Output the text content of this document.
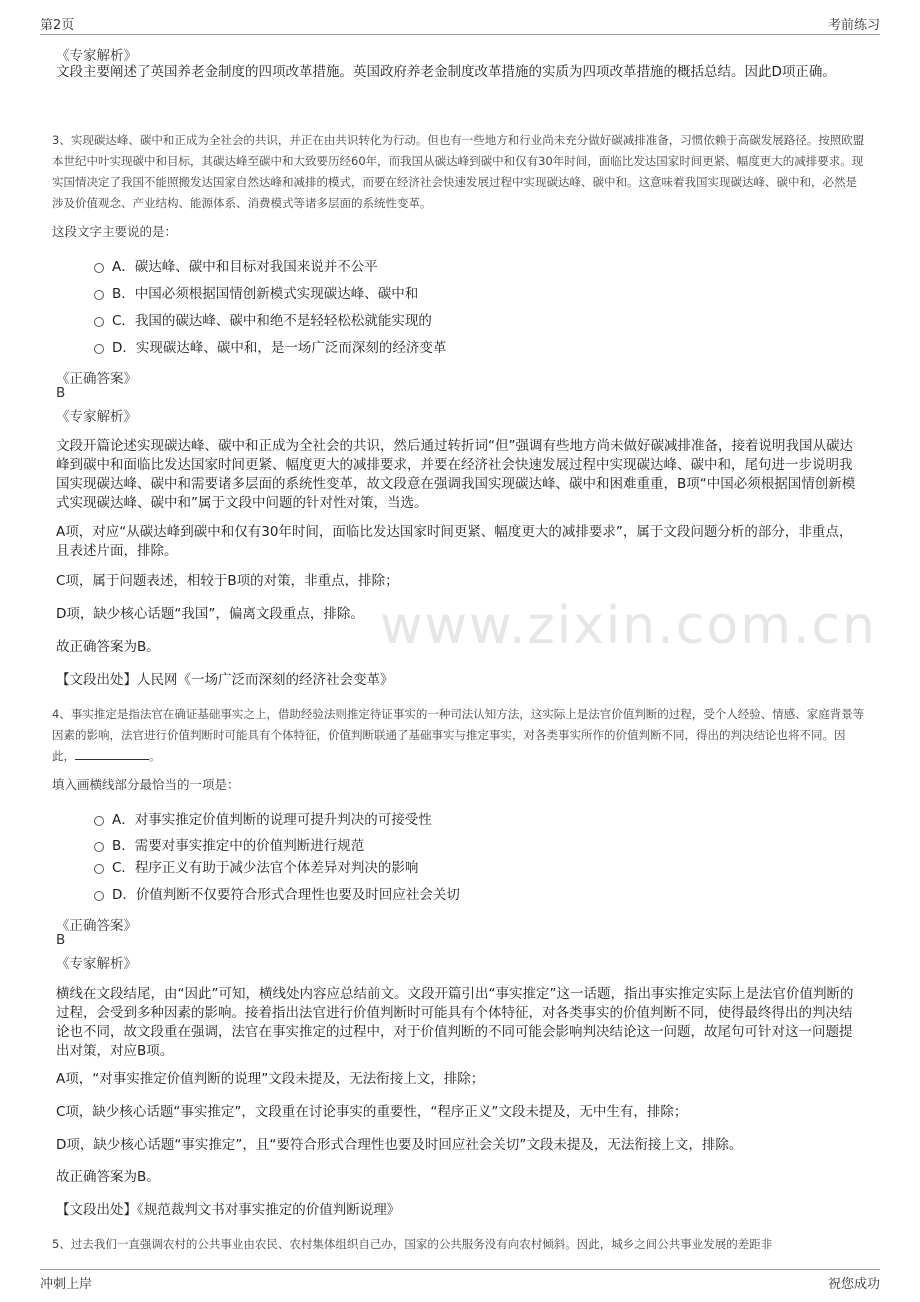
第2页	考前练习
www.zixin.com.cn
《专家解析》
文段主要阐述了英国养老金制度的四项改革措施。英国政府养老金制度改革措施的实质为四项改革措施的概括总结。因此D项正确。
3、实现碳达峰、碳中和正成为全社会的共识，并正在由共识转化为行动。但也有一些地方和行业尚未充分做好碳减排准备，习惯依赖于高碳发展路径。按照欧盟本世纪中叶实现碳中和目标，其碳达峰至碳中和大致要历经60年，而我国从碳达峰到碳中和仅有30年时间，面临比发达国家时间更紧、幅度更大的减排要求。现实国情决定了我国不能照搬发达国家自然达峰和减排的模式，而要在经济社会快速发展过程中实现碳达峰、碳中和。这意味着我国实现碳达峰、碳中和，必然是涉及价值观念、产业结构、能源体系、消费模式等诸多层面的系统性变革。
这段文字主要说的是：
A．碳达峰、碳中和目标对我国来说并不公平
B．中国必须根据国情创新模式实现碳达峰、碳中和
C．我国的碳达峰、碳中和绝不是轻轻松松就能实现的
D．实现碳达峰、碳中和，是一场广泛而深刻的经济变革
《正确答案》
B
《专家解析》
文段开篇论述实现碳达峰、碳中和正成为全社会的共识，然后通过转折词“但”强调有些地方尚未做好碳减排准备，接着说明我国从碳达峰到碳中和面临比发达国家时间更紧、幅度更大的减排要求，并要在经济社会快速发展过程中实现碳达峰、碳中和，尾句进一步说明我国实现碳达峰、碳中和需要诸多层面的系统性变革，故文段意在强调我国实现碳达峰、碳中和困难重重，B项“中国必须根据国情创新模式实现碳达峰、碳中和”属于文段中问题的针对性对策，当选。
A项，对应“从碳达峰到碳中和仅有30年时间，面临比发达国家时间更紧、幅度更大的减排要求”，属于文段问题分析的部分，非重点，且表述片面，排除。
C项，属于问题表述，相较于B项的对策，非重点，排除；
D项，缺少核心话题“我国”，偏离文段重点，排除。
故正确答案为B。
【文段出处】人民网《一场广泛而深刻的经济社会变革》
4、事实推定是指法官在确证基础事实之上，借助经验法则推定待证事实的一种司法认知方法，这实际上是法官价值判断的过程，受个人经验、情感、家庭背景等因素的影响，法官进行价值判断时可能具有个体特征，价值判断联通了基础事实与推定事实，对各类事实所作的价值判断不同，得出的判决结论也将不同。因此，	。
填入画横线部分最恰当的一项是：
A．对事实推定价值判断的说理可提升判决的可接受性
B．需要对事实推定中的价值判断进行规范
C．程序正义有助于减少法官个体差异对判决的影响
D．价值判断不仅要符合形式合理性也要及时回应社会关切
《正确答案》
B
《专家解析》
横线在文段结尾，由“因此”可知，横线处内容应总结前文。文段开篇引出“事实推定”这一话题，指出事实推定实际上是法官价值判断的过程，会受到多种因素的影响。接着指出法官进行价值判断时可能具有个体特征，对各类事实的价值判断不同，使得最终得出的判决结论也不同，故文段重在强调，法官在事实推定的过程中，对于价值判断的不同可能会影响判决结论这一问题，故尾句可针对这一问题提出对策，对应B项。
A项，“对事实推定价值判断的说理”文段未提及，无法衔接上文，排除；
C项，缺少核心话题“事实推定”，文段重在讨论事实的重要性，“程序正义”文段未提及，无中生有，排除；
D项，缺少核心话题“事实推定”，且“要符合形式合理性也要及时回应社会关切”文段未提及，无法衔接上文，排除。
故正确答案为B。
【文段出处】《规范裁判文书对事实推定的价值判断说理》
5、过去我们一直强调农村的公共事业由农民、农村集体组织自己办，国家的公共服务没有向农村倾斜。因此，城乡之间公共事业发展的差距非
冲刺上岸	祝您成功
